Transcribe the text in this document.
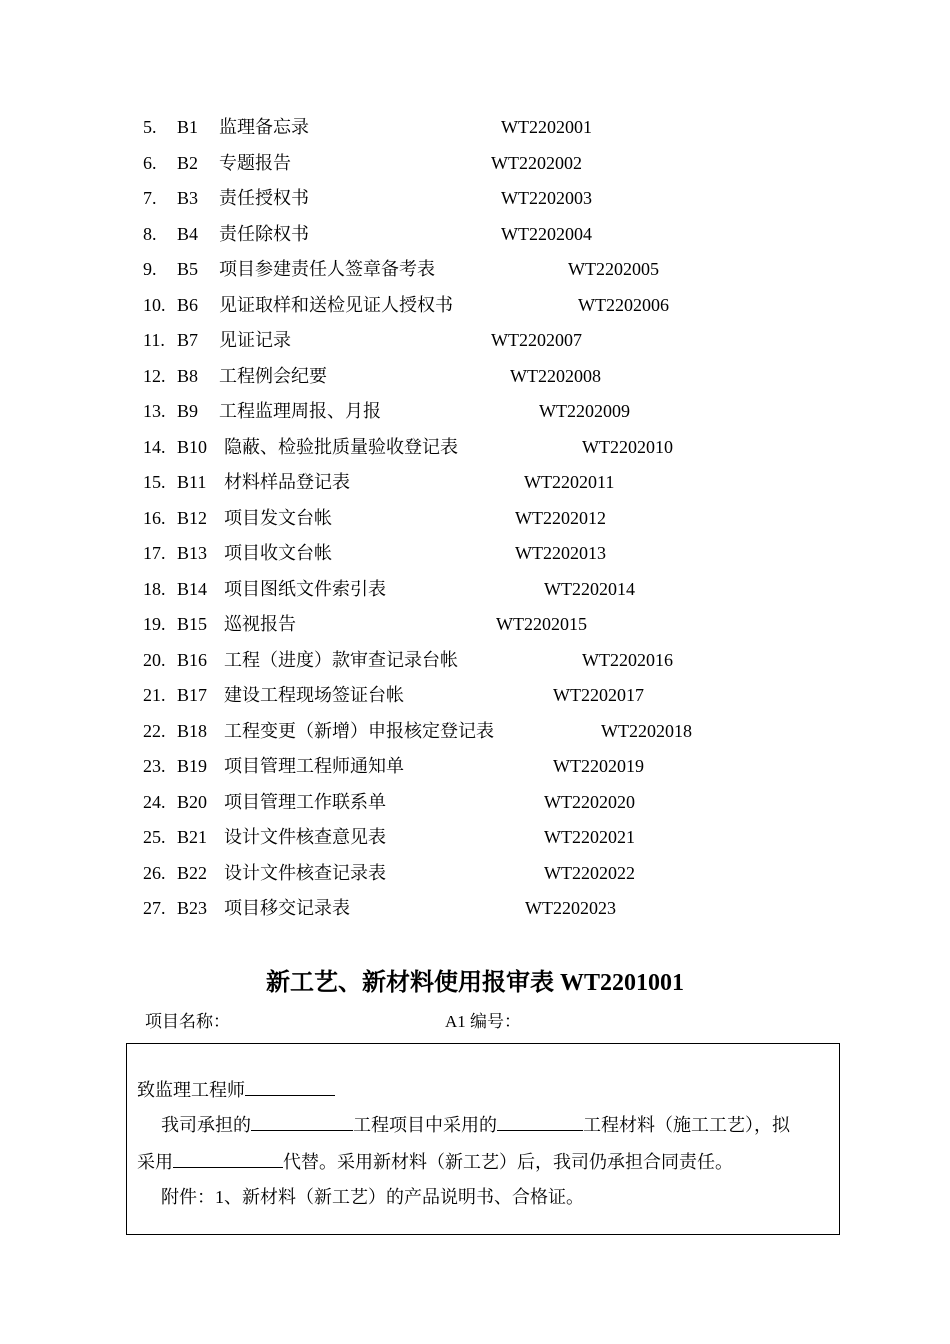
5. B1 监理备忘录	WT2202001
6. B2 专题报告	WT2202002
7. B3 责任授权书	WT2202003
8. B4 责任除权书	WT2202004
9. B5 项目参建责任人签章备考表	WT2202005
10. B6 见证取样和送检见证人授权书	WT2202006
11. B7 见证记录	WT2202007
12. B8 工程例会纪要	WT2202008
13. B9 工程监理周报、月报	WT2202009
14. B10 隐蔽、检验批质量验收登记表	WT2202010
15. B11 材料样品登记表	WT2202011
16. B12 项目发文台帐	WT2202012
17. B13 项目收文台帐	WT2202013
18. B14 项目图纸文件索引表	WT2202014
19. B15 巡视报告	WT2202015
20. B16 工程（进度）款审查记录台帐	WT2202016
21. B17 建设工程现场签证台帐	WT2202017
22. B18 工程变更（新增）申报核定登记表	WT2202018
23. B19 项目管理工程师通知单	WT2202019
24. B20 项目管理工作联系单	WT2202020
25. B21 设计文件核查意见表	WT2202021
26. B22 设计文件核查记录表	WT2202022
27. B23 项目移交记录表	WT2202023
新工艺、新材料使用报审表 WT2201001
项目名称：	A1 编号：
致监理工程师
我司承担的	工程项目中采用的	工程材料（施工工艺），拟
采用	代替。采用新材料（新工艺）后，我司仍承担合同责任。
附件：1、新材料（新工艺）的产品说明书、合格证。
